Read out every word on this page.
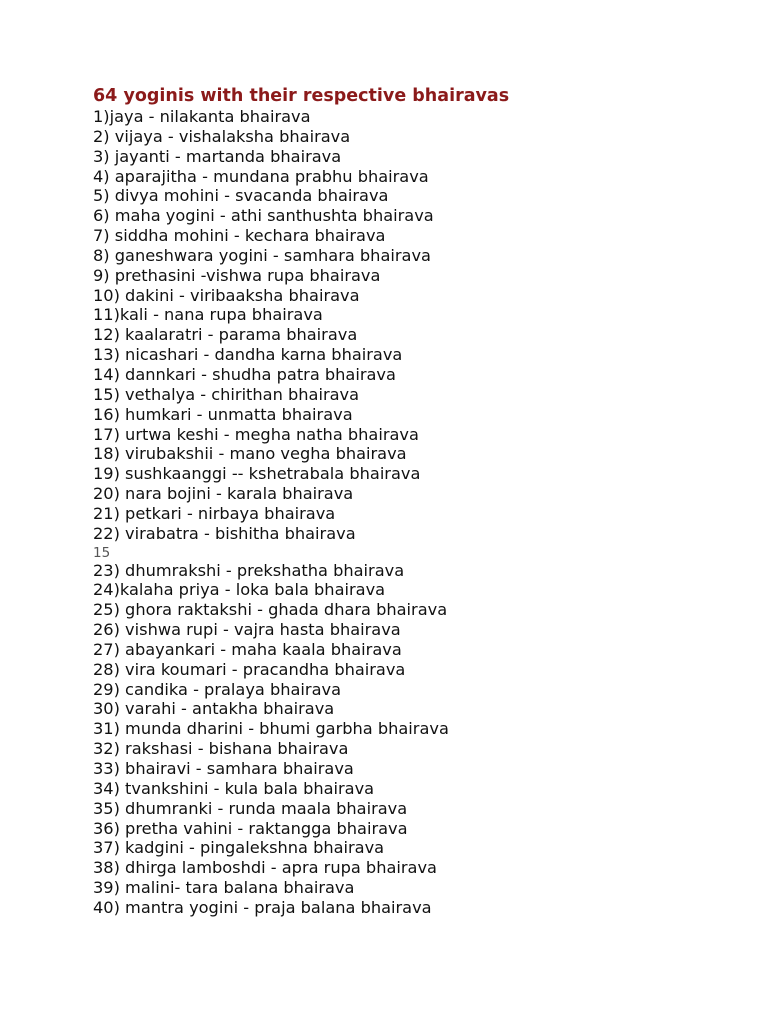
64 yoginis with their respective bhairavas
1)jaya - nilakanta bhairava
2) vijaya - vishalaksha bhairava
3) jayanti - martanda bhairava
4) aparajitha - mundana prabhu bhairava
5) divya mohini - svacanda bhairava
6) maha yogini - athi santhushta bhairava
7) siddha mohini - kechara bhairava
8) ganeshwara yogini - samhara bhairava
9) prethasini -vishwa rupa bhairava
10) dakini - viribaaksha bhairava
11)kali - nana rupa bhairava
12) kaalaratri - parama bhairava
13) nicashari - dandha karna bhairava
14) dannkari - shudha patra bhairava
15) vethalya - chirithan bhairava
16) humkari - unmatta bhairava
17) urtwa keshi - megha natha bhairava
18) virubakshii - mano vegha bhairava
19) sushkaanggi -- kshetrabala bhairava
20) nara bojini - karala bhairava
21) petkari - nirbaya bhairava
22) virabatra - bishitha bhairava
15
23) dhumrakshi - prekshatha bhairava
24)kalaha priya - loka bala bhairava
25) ghora raktakshi - ghada dhara bhairava
26) vishwa rupi - vajra hasta bhairava
27) abayankari - maha kaala bhairava
28) vira koumari - pracandha bhairava
29) candika - pralaya bhairava
30) varahi - antakha bhairava
31) munda dharini - bhumi garbha bhairava
32) rakshasi - bishana bhairava
33) bhairavi - samhara bhairava
34) tvankshini - kula bala bhairava
35) dhumranki - runda maala bhairava
36) pretha vahini - raktangga bhairava
37) kadgini - pingalekshna bhairava
38) dhirga lamboshdi - apra rupa bhairava
39) malini- tara balana bhairava
40) mantra yogini - praja balana bhairava
